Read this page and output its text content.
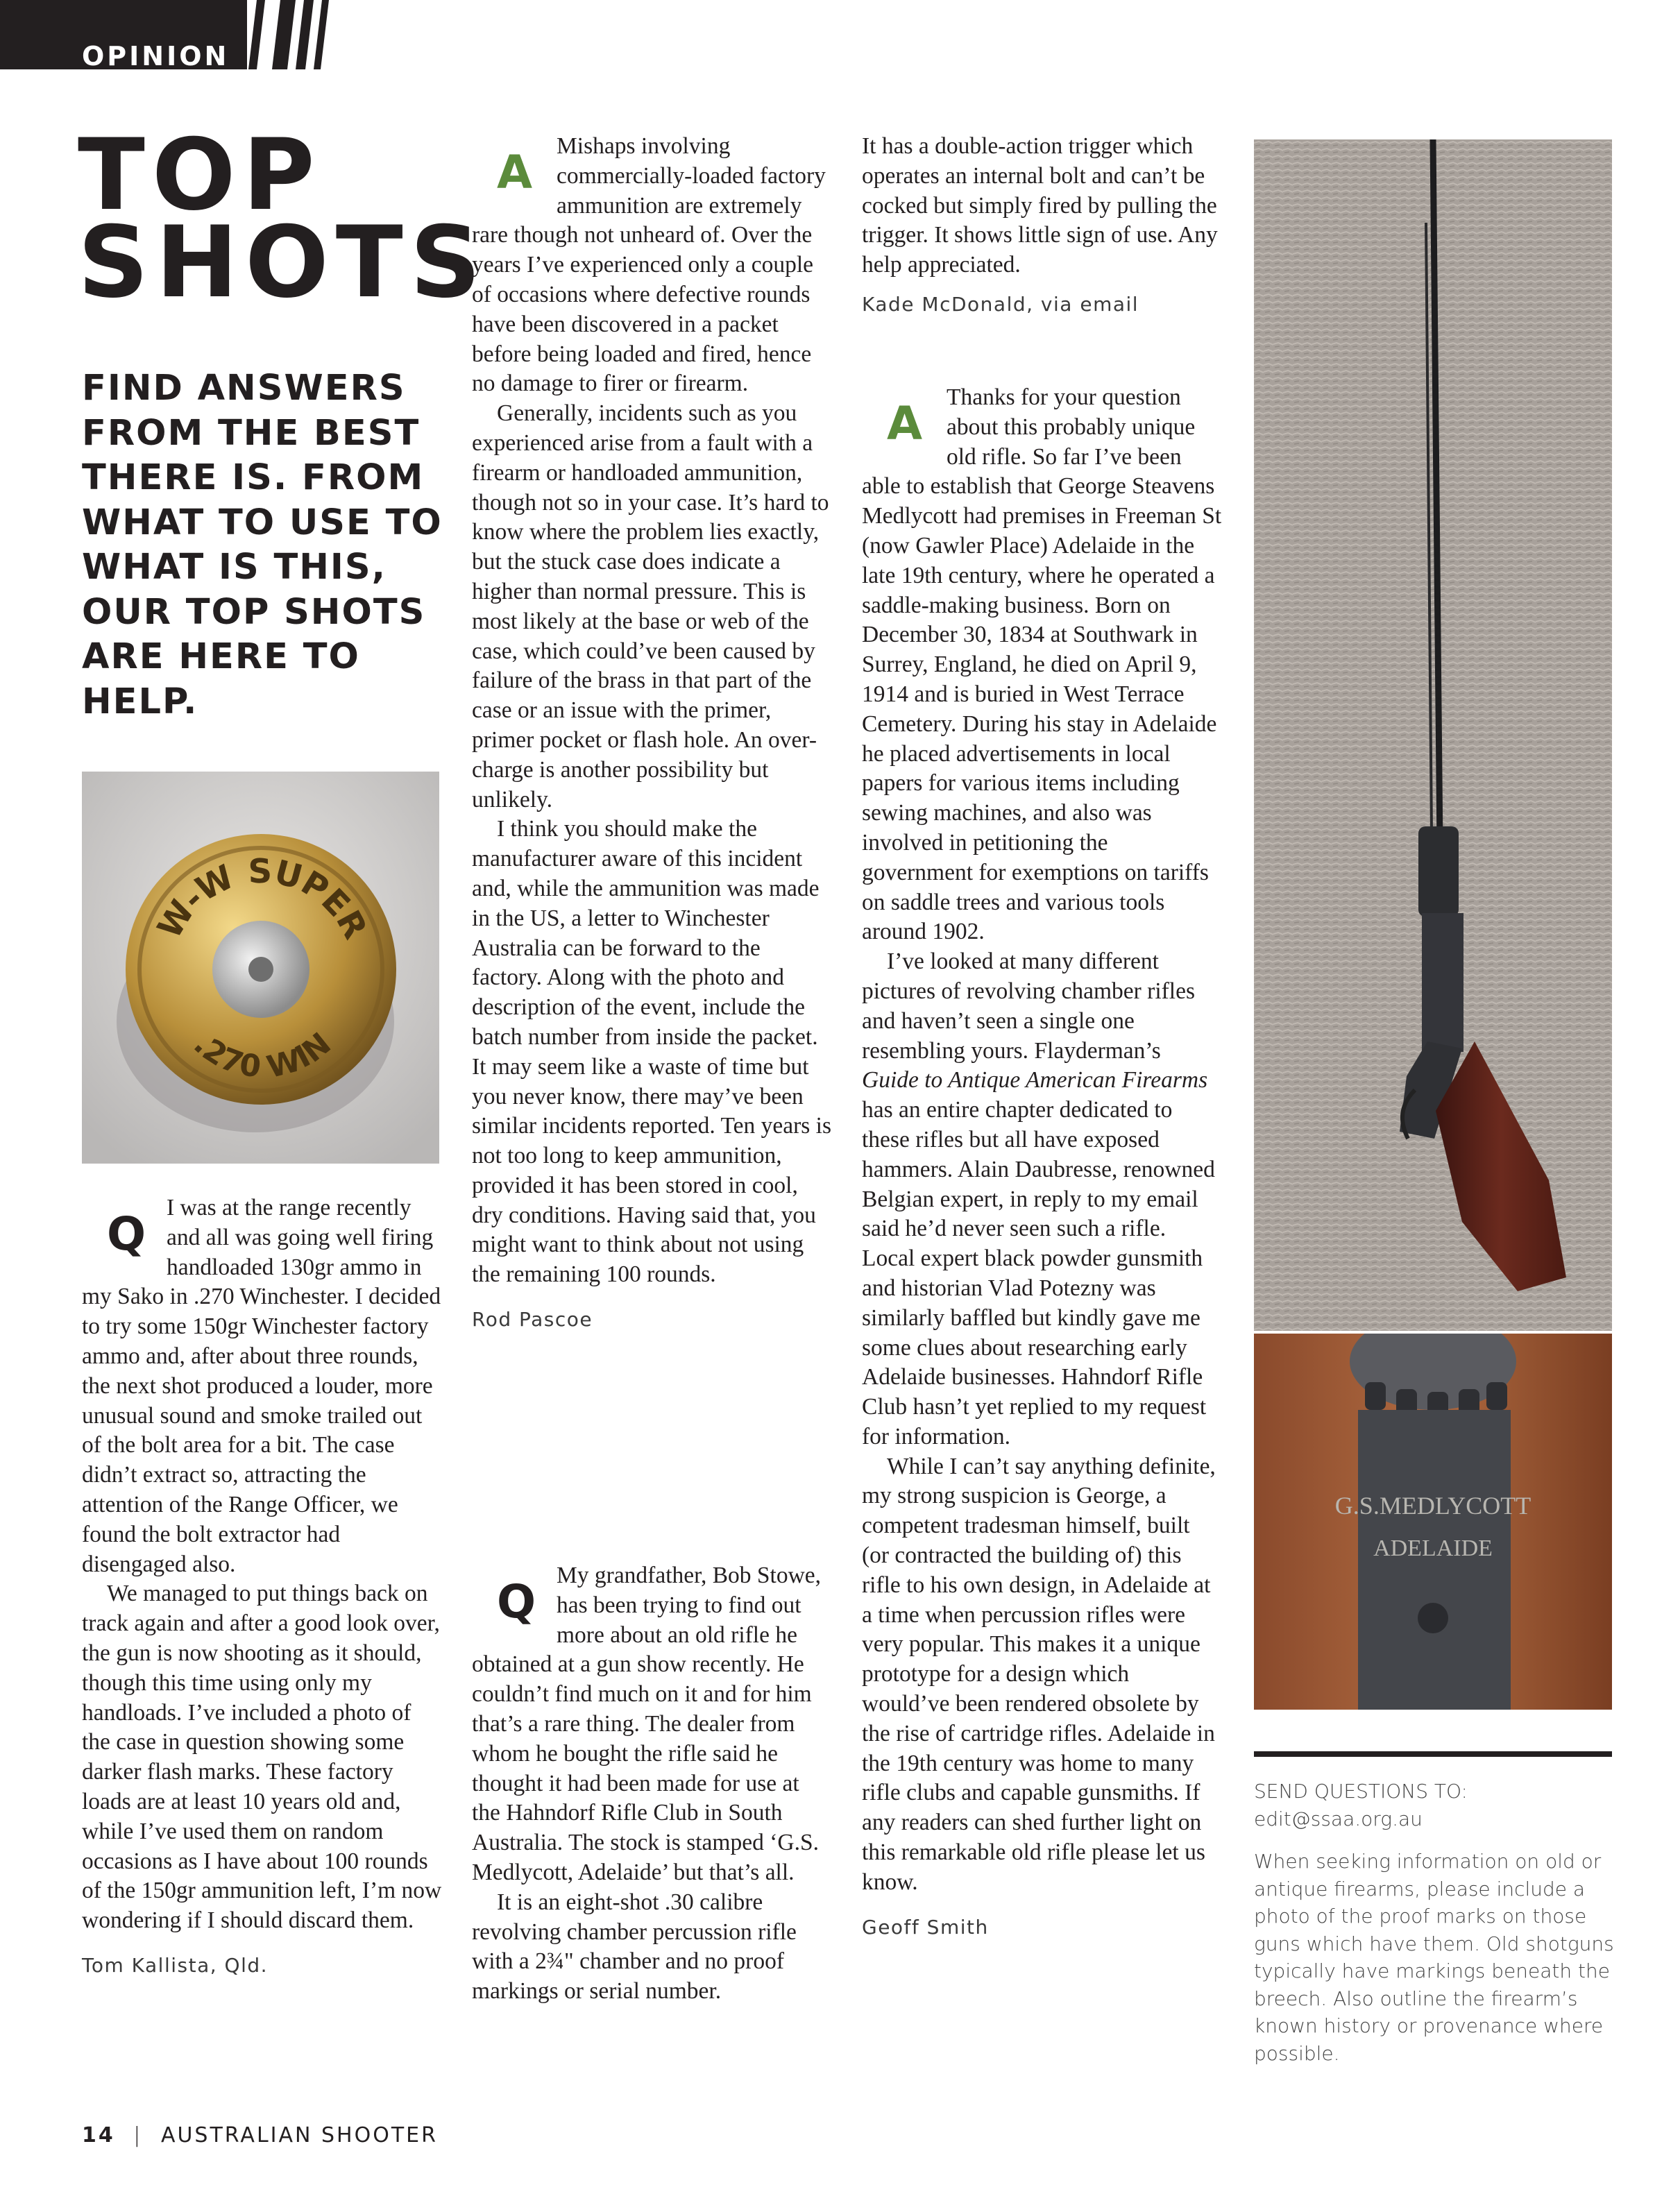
OPINION
TOP
SHOTS
FIND ANSWERS FROM THE BEST THERE IS. FROM WHAT TO USE TO WHAT IS THIS, OUR TOP SHOTS ARE HERE TO HELP.
W-W SUPER
.270 WIN
Q I was at the range recently and all was going well firing handloaded 130gr ammo in my Sako in .270 Winchester. I decided to try some 150gr Winchester factory ammo and, after about three rounds, the next shot produced a louder, more unusual sound and smoke trailed out of the bolt area for a bit. The case didn’t extract so, attracting the attention of the Range Officer, we found the bolt extractor had disengaged also.

We managed to put things back on track again and after a good look over, the gun is now shooting as it should, though this time using only my handloads. I’ve included a photo of the case in question showing some darker flash marks. These factory loads are at least 10 years old and, while I’ve used them on random occasions as I have about 100 rounds of the 150gr ammunition left, I’m now wondering if I should discard them.

Tom Kallista, Qld.
A	Mishaps involving commercially-loaded factory ammunition are extremely rare though not unheard of. Over the years I’ve experienced only a couple of occasions where defective rounds have been discovered in a packet before being loaded and fired, hence no damage to firer or firearm.

Generally, incidents such as you experienced arise from a fault with a firearm or handloaded ammunition, though not so in your case. It’s hard to know where the problem lies exactly, but the stuck case does indicate a higher than normal pressure. This is most likely at the base or web of the case, which could’ve been caused by failure of the brass in that part of the case or an issue with the primer, primer pocket or flash hole. An over-charge is another possibility but unlikely.

I think you should make the manufacturer aware of this incident and, while the ammunition was made in the US, a letter to Winchester Australia can be forward to the factory. Along with the photo and description of the event, include the batch number from inside the packet. It may seem like a waste of time but you never know, there may’ve been similar incidents reported. Ten years is not too long to keep ammunition, provided it has been stored in cool, dry conditions. Having said that, you might want to think about not using the remaining 100 rounds.

Rod Pascoe
Q My grandfather, Bob Stowe, has been trying to find out more about an old rifle he obtained at a gun show recently. He couldn’t find much on it and for him that’s a rare thing. The dealer from whom he bought the rifle said he thought it had been made for use at the Hahndorf Rifle Club in South Australia. The stock is stamped ‘G.S. Medlycott, Adelaide’ but that’s all.

It is an eight-shot .30 calibre revolving chamber percussion rifle with a 2¾" chamber and no proof markings or serial number.

It has a double-action trigger which operates an internal bolt and can’t be cocked but simply fired by pulling the trigger. It shows little sign of use. Any help appreciated.

Kade McDonald, via email
A	Thanks for your question about this probably unique old rifle. So far I’ve been able to establish that George Steavens Medlycott had premises in Freeman St (now Gawler Place) Adelaide in the late 19th century, where he operated a saddle-making business. Born on December 30, 1834 at Southwark in Surrey, England, he died on April 9, 1914 and is buried in West Terrace Cemetery. During his stay in Adelaide he placed advertisements in local papers for various items including sewing machines, and also was involved in petitioning the government for exemptions on tariffs on saddle trees and various tools around 1902.

I’ve looked at many different pictures of revolving chamber rifles and haven’t seen a single one resembling yours. Flayderman’s Guide to Antique American Firearms has an entire chapter dedicated to these rifles but all have exposed hammers. Alain Daubresse, renowned Belgian expert, in reply to my email said he’d never seen such a rifle. Local expert black powder gunsmith and historian Vlad Potezny was similarly baffled but kindly gave me some clues about researching early Adelaide businesses. Hahndorf Rifle Club hasn’t yet replied to my request for information.

While I can’t say anything definite, my strong suspicion is George, a competent tradesman himself, built (or contracted the building of) this rifle to his own design, in Adelaide at a time when percussion rifles were very popular. This makes it a unique prototype for a design which would’ve been rendered obsolete by the rise of cartridge rifles. Adelaide in the 19th century was home to many rifle clubs and capable gunsmiths. If any readers can shed further light on this remarkable old rifle please let us know.

Geoff Smith
G.S.MEDLYCOTT
ADELAIDE
SEND QUESTIONS TO:
edit@ssaa.org.au
When seeking information on old or antique firearms, please include a photo of the proof marks on those guns which have them. Old shotguns typically have markings beneath the breech. Also outline the firearm’s known history or provenance where possible.
14 | AUSTRALIAN SHOOTER
